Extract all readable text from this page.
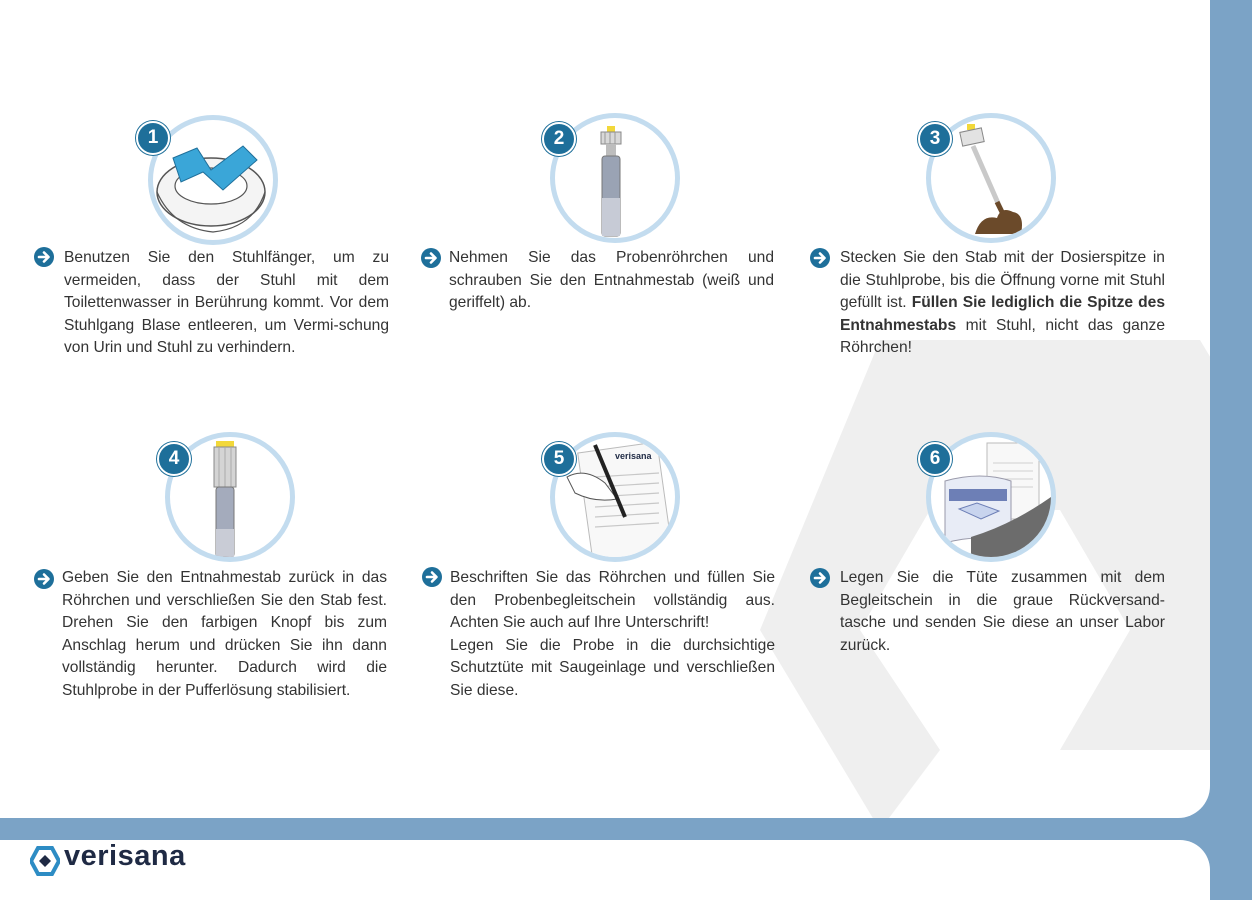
1

Benutzen Sie den Stuhlfänger, um zu vermeiden, dass der Stuhl mit dem Toilettenwasser in Berührung kommt. Vor dem Stuhlgang Blase entleeren, um Vermi-schung von Urin und Stuhl zu verhindern.

2

Nehmen Sie das Probenröhrchen und schrauben Sie den Entnahmestab (weiß und geriffelt) ab.

3

Stecken Sie den Stab mit der Dosierspitze in die Stuhlprobe, bis die Öffnung vorne mit Stuhl gefüllt ist. Füllen Sie lediglich die Spitze des Entnahmestabs mit Stuhl, nicht das ganze Röhrchen!

4

Geben Sie den Entnahmestab zurück in das Röhrchen und verschließen Sie den Stab fest. Drehen Sie den farbigen Knopf bis zum Anschlag herum und drücken Sie ihn dann vollständig herunter. Dadurch wird die Stuhlprobe in der Pufferlösung stabilisiert.

verisana
5

Beschriften Sie das Röhrchen und füllen Sie den Probenbegleitschein vollständig aus. Achten Sie auch auf Ihre Unterschrift!
Legen Sie die Probe in die durchsichtige Schutztüte mit Saugeinlage und verschließen Sie diese.

6

Legen Sie die Tüte zusammen mit dem Begleitschein in die graue Rückversand-tasche und senden Sie diese an unser Labor zurück.

verisana
